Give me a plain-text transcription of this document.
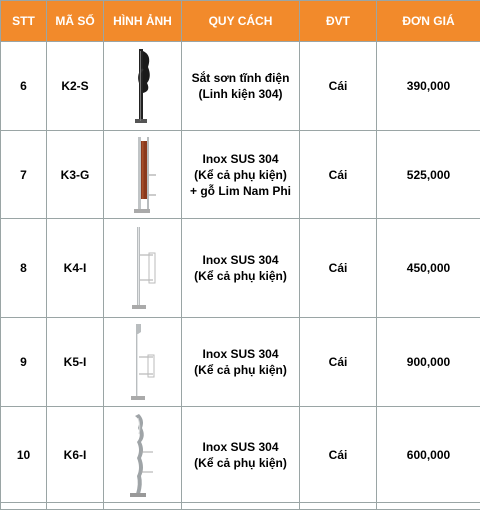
STT	MÃ SỐ	HÌNH ẢNH	QUY CÁCH	ĐVT	ĐƠN GIÁ
6	K2-S		Sắt sơn tĩnh điện
(Linh kiện 304)	Cái	390,000
7	K3-G		Inox SUS 304
(Kể cả phụ kiện)
+ gỗ Lim Nam Phi	Cái	525,000
8	K4-I		Inox SUS 304
(Kể cả phụ kiện)	Cái	450,000
9	K5-I		Inox SUS 304
(Kể cả phụ kiện)	Cái	900,000
10	K6-I		Inox SUS 304
(Kể cả phụ kiện)	Cái	600,000
